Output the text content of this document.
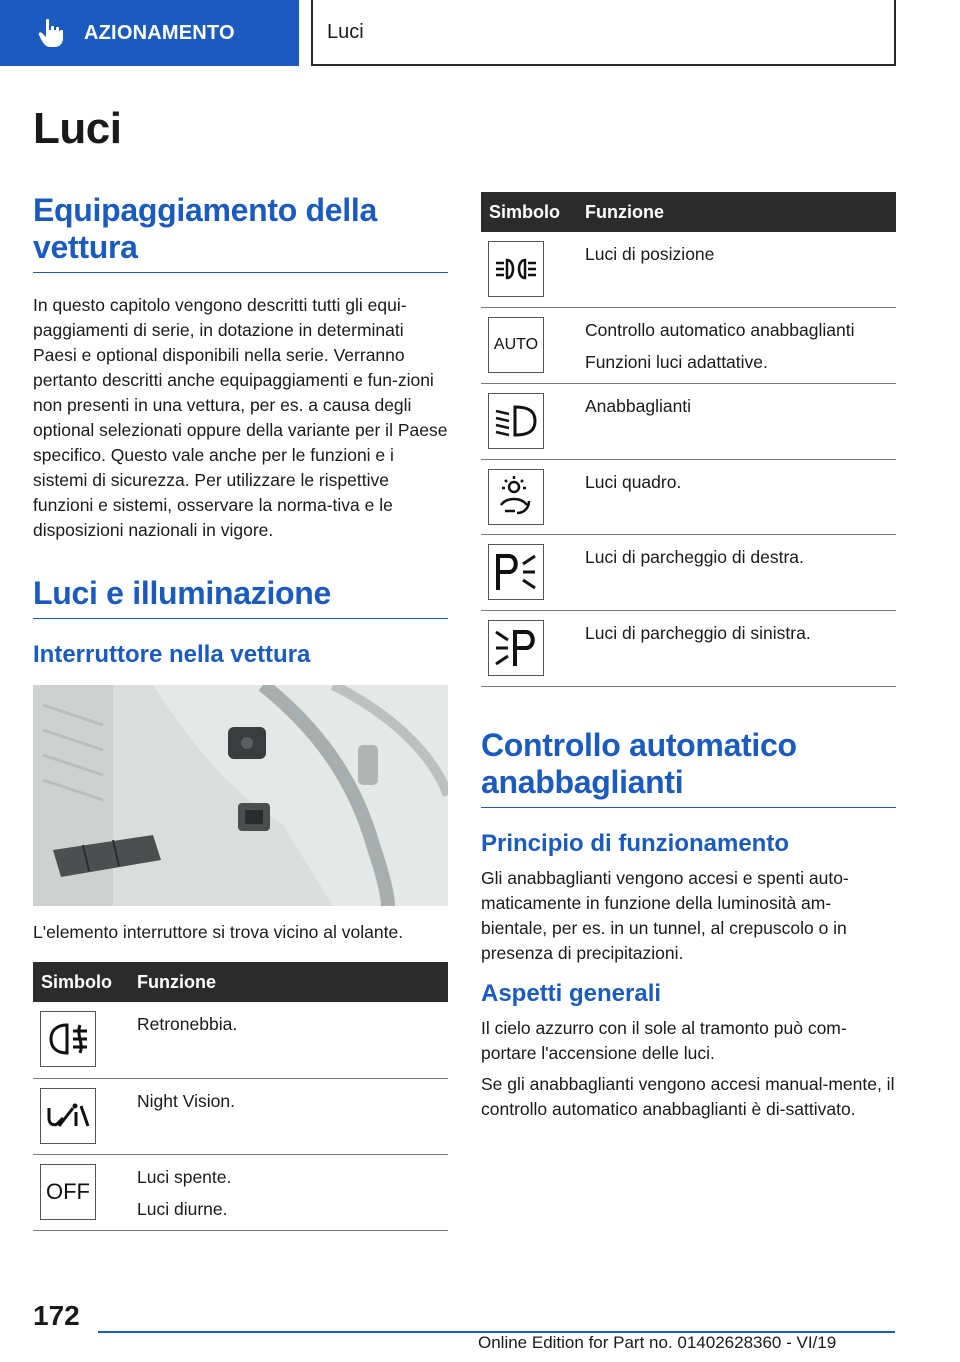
AZIONAMENTO	Luci
Luci
Equipaggiamento della vettura
In questo capitolo vengono descritti tutti gli equi-paggiamenti di serie, in dotazione in determinati Paesi e optional disponibili nella serie. Verranno pertanto descritti anche equipaggiamenti e fun-zioni non presenti in una vettura, per es. a causa degli optional selezionati oppure della variante per il Paese specifico. Questo vale anche per le funzioni e i sistemi di sicurezza. Per utilizzare le rispettive funzioni e sistemi, osservare la norma-tiva e le disposizioni nazionali in vigore.
Luci e illuminazione
Interruttore nella vettura
L'elemento interruttore si trova vicino al volante.
Simbolo	Funzione

Retronebbia.

Night Vision.

OFF	Luci spente.
Luci diurne.
Simbolo	Funzione

Luci di posizione

AUTO	Controllo automatico anabbaglianti
Funzioni luci adattative.

Anabbaglianti

Luci quadro.

Luci di parcheggio di destra.

Luci di parcheggio di sinistra.
Controllo automatico anabbaglianti
Principio di funzionamento
Gli anabbaglianti vengono accesi e spenti auto-maticamente in funzione della luminosità am-bientale, per es. in un tunnel, al crepuscolo o in presenza di precipitazioni.
Aspetti generali
Il cielo azzurro con il sole al tramonto può com-portare l'accensione delle luci.
Se gli anabbaglianti vengono accesi manual-mente, il controllo automatico anabbaglianti è di-sattivato.
172
Online Edition for Part no. 01402628360 - VI/19
